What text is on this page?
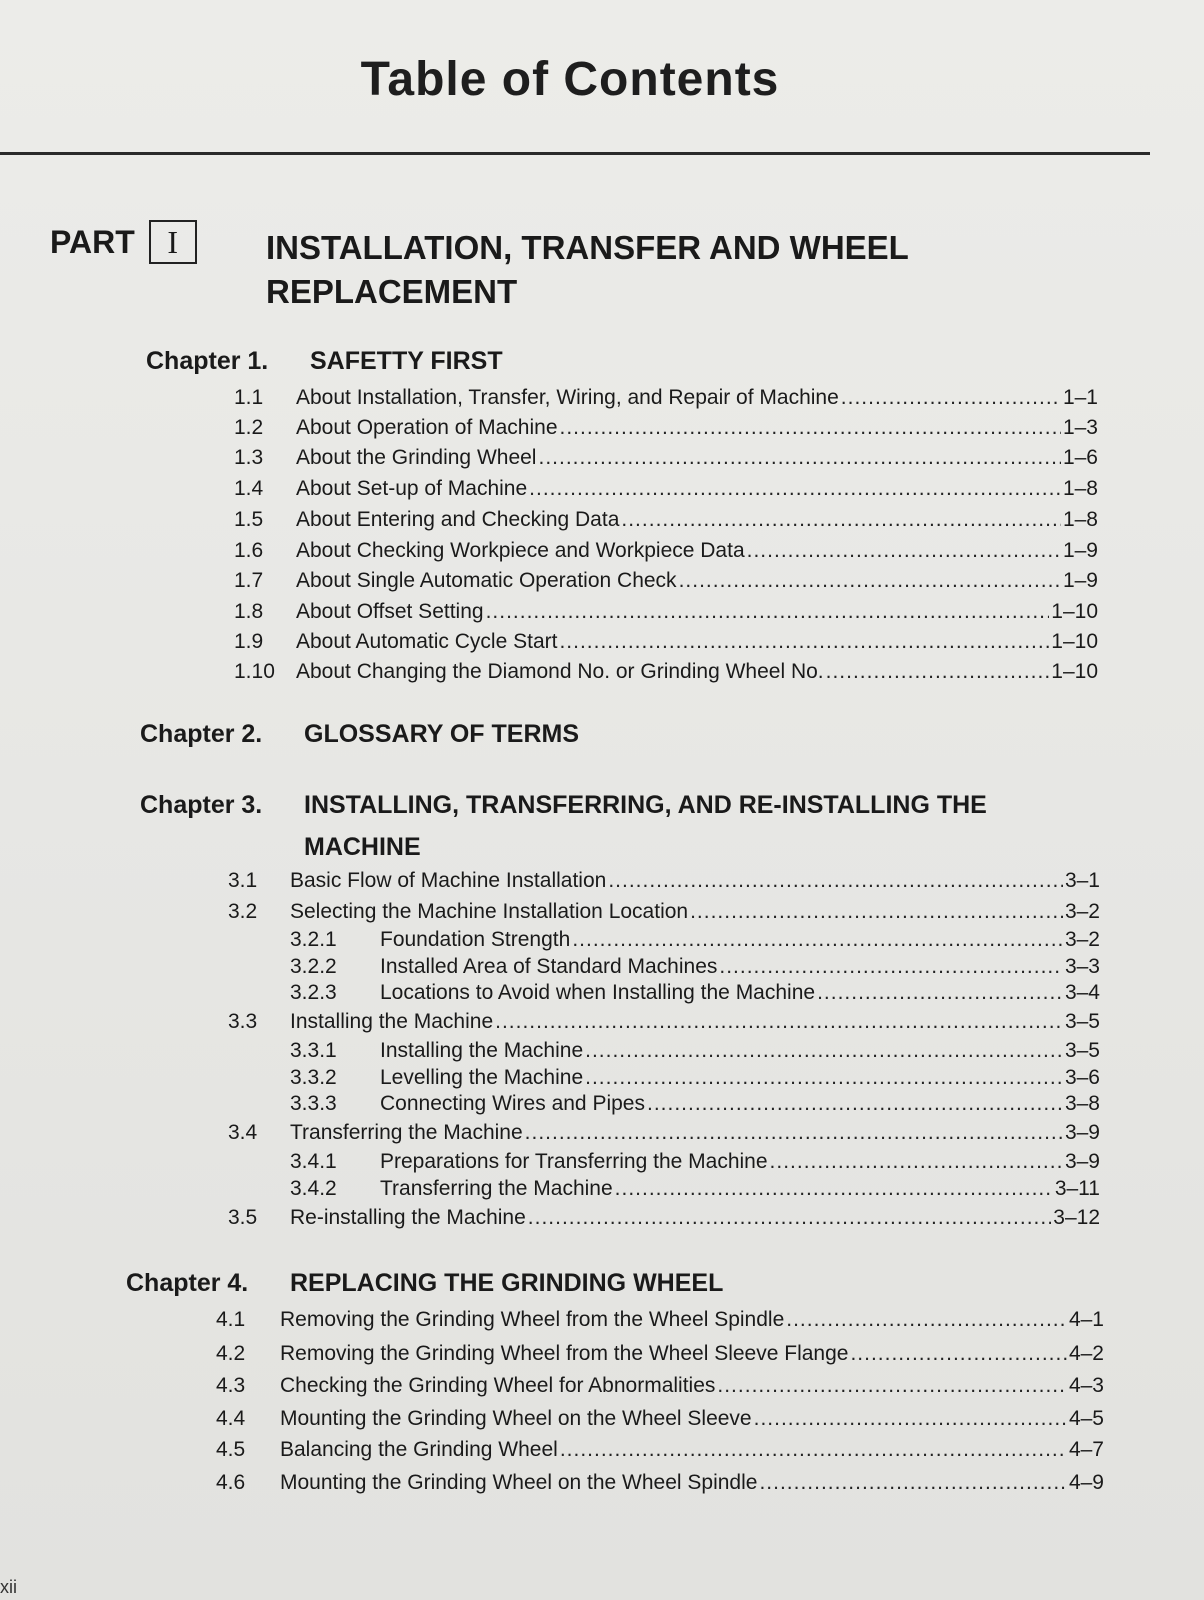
Table of Contents
PART	I	INSTALLATION, TRANSFER AND WHEEL REPLACEMENT
Chapter 1.	SAFETTY FIRST
1.1	About Installation, Transfer, Wiring, and Repair of Machine .....	1–1
1.2	About Operation of Machine .....	1–3
1.3	About the Grinding Wheel .....	1–6
1.4	About Set-up of Machine .....	1–8
1.5	About Entering and Checking Data .....	1–8
1.6	About Checking Workpiece and Workpiece Data .....	1–9
1.7	About Single Automatic Operation Check .....	1–9
1.8	About Offset Setting .....	1–10
1.9	About Automatic Cycle Start .....	1–10
1.10	About Changing the Diamond No. or Grinding Wheel No. .....	1–10
Chapter 2.	GLOSSARY OF TERMS
Chapter 3.	INSTALLING, TRANSFERRING, AND RE-INSTALLING THE MACHINE
3.1	Basic Flow of Machine Installation .....	3–1
3.2	Selecting the Machine Installation Location .....	3–2
3.2.1	Foundation Strength .....	3–2
3.2.2	Installed Area of Standard Machines .....	3–3
3.2.3	Locations to Avoid when Installing the Machine .....	3–4
3.3	Installing the Machine .....	3–5
3.3.1	Installing the Machine .....	3–5
3.3.2	Levelling the Machine .....	3–6
3.3.3	Connecting Wires and Pipes .....	3–8
3.4	Transferring the Machine .....	3–9
3.4.1	Preparations for Transferring the Machine .....	3–9
3.4.2	Transferring the Machine .....	3–11
3.5	Re-installing the Machine .....	3–12
Chapter 4.	REPLACING THE GRINDING WHEEL
4.1	Removing the Grinding Wheel from the Wheel Spindle .....	4–1
4.2	Removing the Grinding Wheel from the Wheel Sleeve Flange .....	4–2
4.3	Checking the Grinding Wheel for Abnormalities .....	4–3
4.4	Mounting the Grinding Wheel on the Wheel Sleeve .....	4–5
4.5	Balancing the Grinding Wheel .....	4–7
4.6	Mounting the Grinding Wheel on the Wheel Spindle .....	4–9
xii
